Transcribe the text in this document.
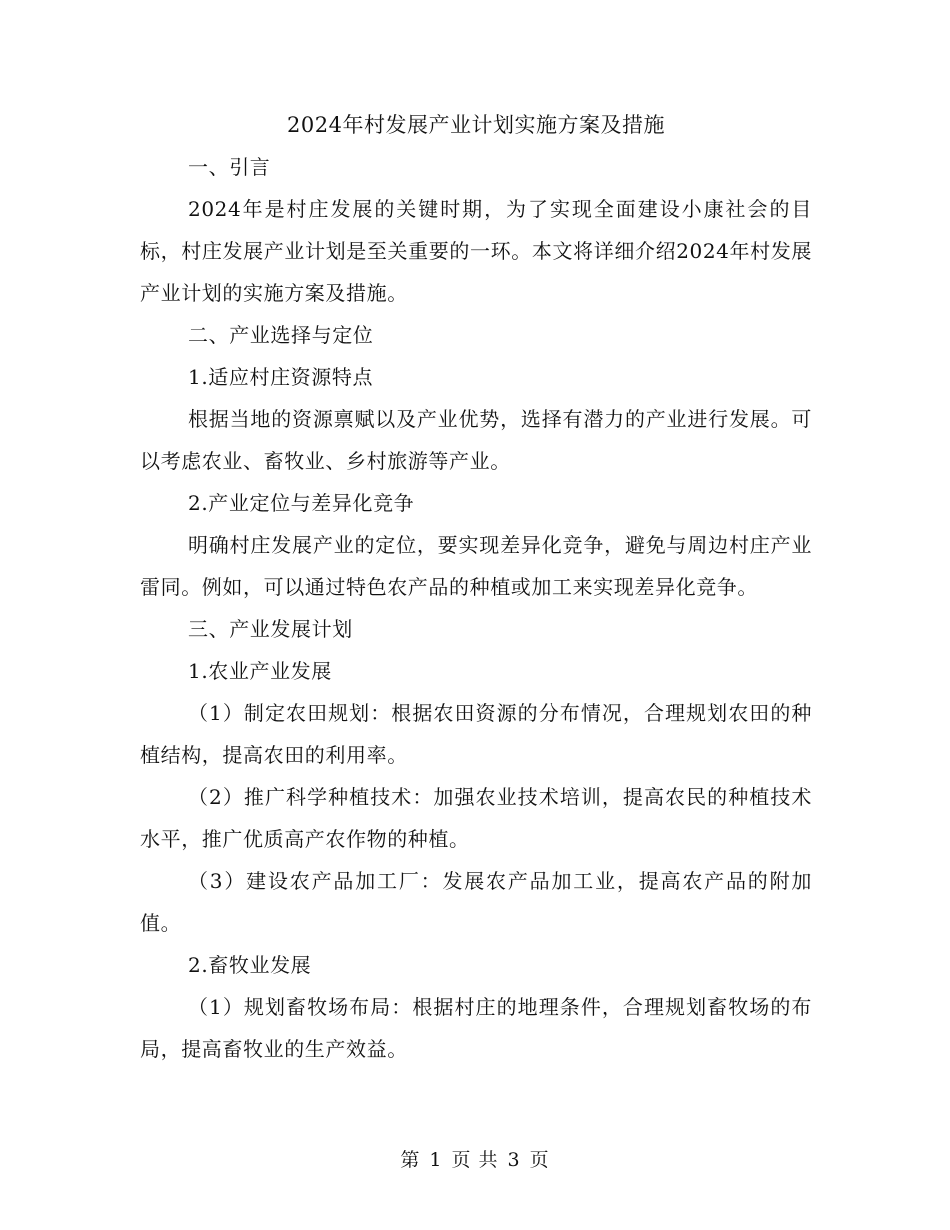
2024年村发展产业计划实施方案及措施

一、引言

2024年是村庄发展的关键时期，为了实现全面建设小康社会的目标，村庄发展产业计划是至关重要的一环。本文将详细介绍2024年村发展产业计划的实施方案及措施。

二、产业选择与定位

1.适应村庄资源特点

根据当地的资源禀赋以及产业优势，选择有潜力的产业进行发展。可以考虑农业、畜牧业、乡村旅游等产业。

2.产业定位与差异化竞争

明确村庄发展产业的定位，要实现差异化竞争，避免与周边村庄产业雷同。例如，可以通过特色农产品的种植或加工来实现差异化竞争。

三、产业发展计划

1.农业产业发展

（1）制定农田规划：根据农田资源的分布情况，合理规划农田的种植结构，提高农田的利用率。

（2）推广科学种植技术：加强农业技术培训，提高农民的种植技术水平，推广优质高产农作物的种植。

（3）建设农产品加工厂：发展农产品加工业，提高农产品的附加值。

2.畜牧业发展

（1）规划畜牧场布局：根据村庄的地理条件，合理规划畜牧场的布局，提高畜牧业的生产效益。

第 1 页 共 3 页
